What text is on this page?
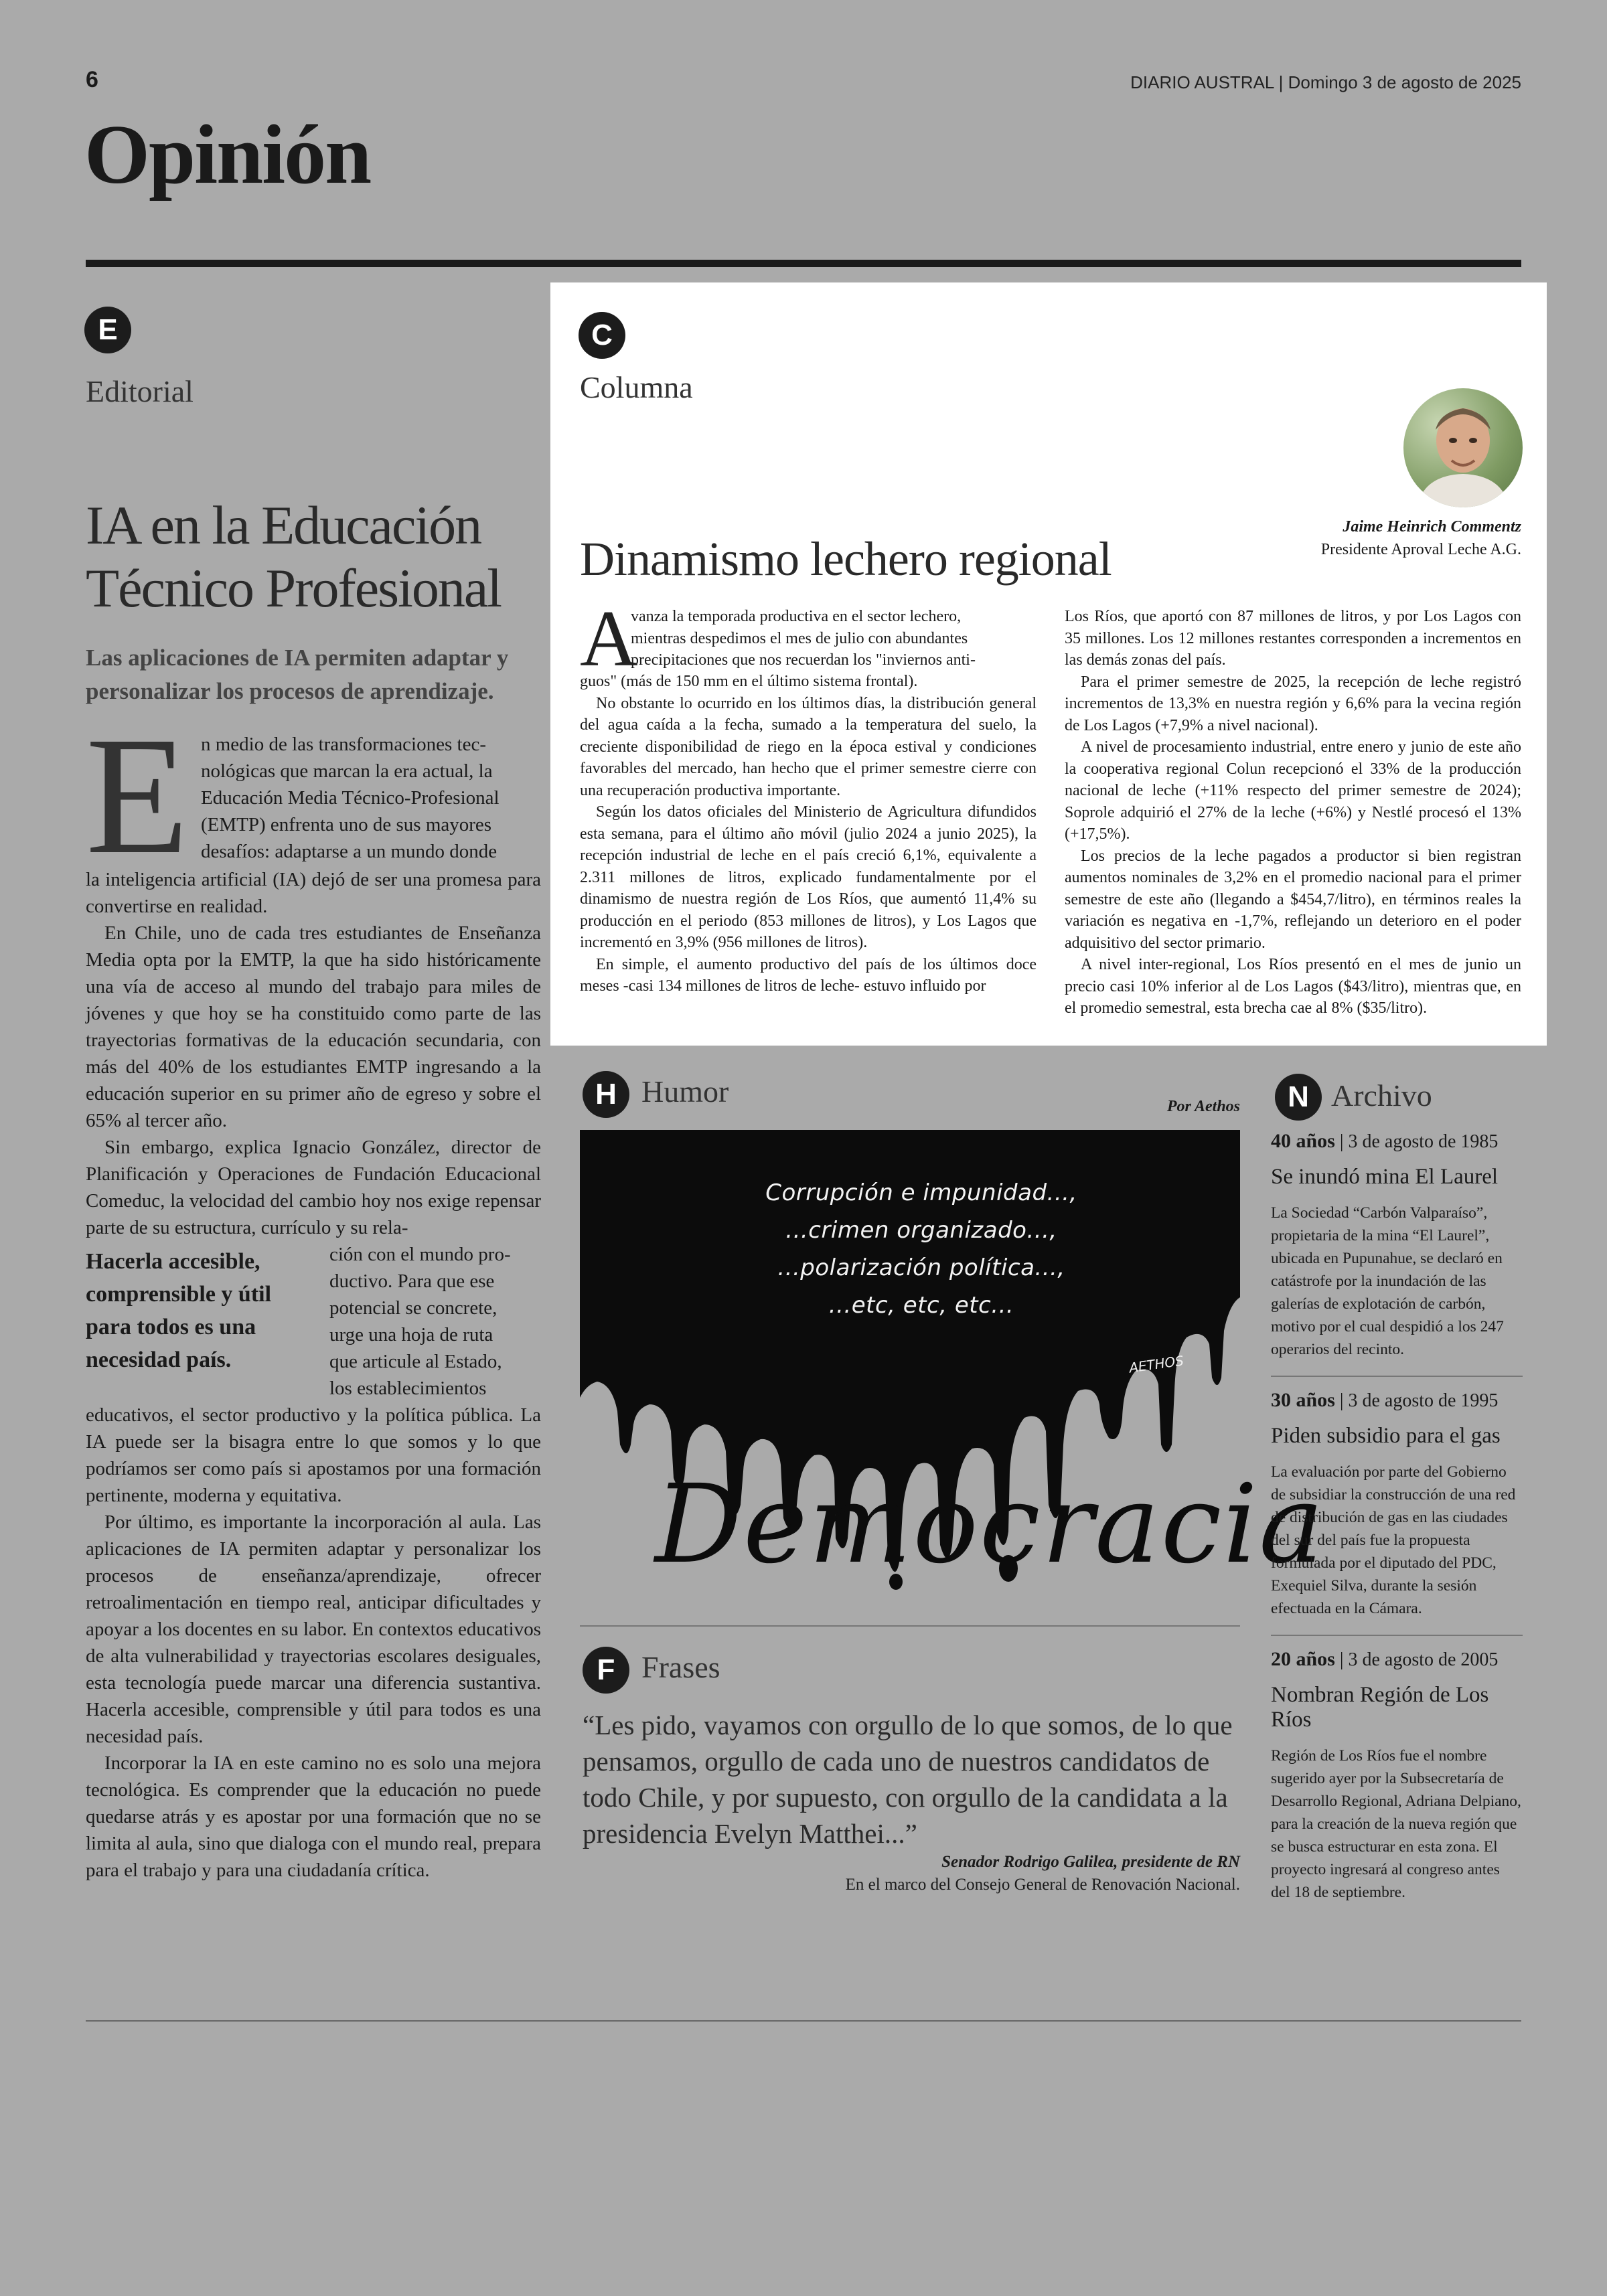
6	DIARIO AUSTRAL | Domingo 3 de agosto de 2025
Opinión
E
Editorial
IA en la Educación
Técnico Profesional
Las aplicaciones de IA permiten adaptar y personalizar los procesos de aprendizaje.
E n medio de las transformaciones tec-
nológicas que marcan la era actual, la
Educación Media Técnico-Profesional
(EMTP) enfrenta uno de sus mayores
desafíos: adaptarse a un mundo donde

la inteligencia artificial (IA) dejó de ser una promesa para convertirse en realidad.

En Chile, uno de cada tres estudiantes de Enseñanza Media opta por la EMTP, la que ha sido históricamente una vía de acceso al mundo del trabajo para miles de jóvenes y que hoy se ha constituido como parte de las trayectorias formativas de la educación secundaria, con más del 40% de los estudiantes EMTP ingresando a la educación superior en su primer año de egreso y sobre el 65% al tercer año.

Sin embargo, explica Ignacio González, director de Planificación y Operaciones de Fundación Educacional Comeduc, la velocidad del cambio hoy nos exige repensar parte de su estructura, currículo y su rela-

Hacerla accesible, comprensible y útil para todos es una necesidad país.
ción con el mundo pro-
ductivo. Para que ese
potencial se concrete,
urge una hoja de ruta
que articule al Estado,
los establecimientos

educativos, el sector productivo y la política pública. La IA puede ser la bisagra entre lo que somos y lo que podríamos ser como país si apostamos por una formación pertinente, moderna y equitativa.

Por último, es importante la incorporación al aula. Las aplicaciones de IA permiten adaptar y personalizar los procesos de enseñanza/aprendizaje, ofrecer retroalimentación en tiempo real, anticipar dificultades y apoyar a los docentes en su labor. En contextos educativos de alta vulnerabilidad y trayectorias escolares desiguales, esta tecnología puede marcar una diferencia sustantiva. Hacerla accesible, comprensible y útil para todos es una necesidad país.

Incorporar la IA en este camino no es solo una mejora tecnológica. Es comprender que la educación no puede quedarse atrás y es apostar por una formación que no se limita al aula, sino que dialoga con el mundo real, prepara para el trabajo y para una ciudadanía crítica.

C
Columna
Jaime Heinrich Commentz
Presidente Aproval Leche A.G.
Dinamismo lechero regional
A
vanza la temporada productiva en el sector lechero,
mientras despedimos el mes de julio con abundantes
precipitaciones que nos recuerdan los "inviernos anti-

guos" (más de 150 mm en el último sistema frontal).

No obstante lo ocurrido en los últimos días, la distribución general del agua caída a la fecha, sumado a la temperatura del suelo, la creciente disponibilidad de riego en la época estival y condiciones favorables del mercado, han hecho que el primer semestre cierre con una recuperación productiva importante.

Según los datos oficiales del Ministerio de Agricultura difundidos esta semana, para el último año móvil (julio 2024 a junio 2025), la recepción industrial de leche en el país creció 6,1%, equivalente a 2.311 millones de litros, explicado fundamentalmente por el dinamismo de nuestra región de Los Ríos, que aumentó 11,4% su producción en el periodo (853 millones de litros), y Los Lagos que incrementó en 3,9% (956 millones de litros).

En simple, el aumento productivo del país de los últimos doce meses -casi 134 millones de litros de leche- estuvo influido por

Los Ríos, que aportó con 87 millones de litros, y por Los Lagos con 35 millones. Los 12 millones restantes corresponden a incrementos en las demás zonas del país.

Para el primer semestre de 2025, la recepción de leche registró incrementos de 13,3% en nuestra región y 6,6% para la vecina región de Los Lagos (+7,9% a nivel nacional).

A nivel de procesamiento industrial, entre enero y junio de este año la cooperativa regional Colun recepcionó el 33% de la producción nacional de leche (+11% respecto del primer semestre de 2024); Soprole adquirió el 27% de la leche (+6%) y Nestlé procesó el 13% (+17,5%).

Los precios de la leche pagados a productor si bien registran aumentos nominales de 3,2% en el promedio nacional para el primer semestre de este año (llegando a $454,7/litro), en términos reales la variación es negativa en -1,7%, reflejando un deterioro en el poder adquisitivo del sector primario.

A nivel inter-regional, Los Ríos presentó en el mes de junio un precio casi 10% inferior al de Los Lagos ($43/litro), mientras que, en el promedio semestral, esta brecha cae al 8% ($35/litro).

H Humor	Por Aethos
Corrupción e impunidad...,
...crimen organizado...,
...polarización política...,
...etc, etc, etc...
AETHOS
Democracia
F Frases
“Les pido, vayamos con orgullo de lo que somos, de lo que pensamos, orgullo de cada uno de nuestros candidatos de todo Chile, y por supuesto, con orgullo de la candidata a la presidencia Evelyn Matthei...”
Senador Rodrigo Galilea, presidente de RN
En el marco del Consejo General de Renovación Nacional.
N Archivo
40 años | 3 de agosto de 1985
Se inundó mina El Laurel
La Sociedad “Carbón Valparaíso”, propietaria de la mina “El Laurel”, ubicada en Pupunahue, se declaró en catástrofe por la inundación de las galerías de explotación de carbón, motivo por el cual despidió a los 247 operarios del recinto.
30 años | 3 de agosto de 1995
Piden subsidio para el gas
La evaluación por parte del Gobierno de subsidiar la construcción de una red de distribución de gas en las ciudades del sur del país fue la propuesta formulada por el diputado del PDC, Exequiel Silva, durante la sesión efectuada en la Cámara.
20 años | 3 de agosto de 2005
Nombran Región de Los Ríos
Región de Los Ríos fue el nombre sugerido ayer por la Subsecretaría de Desarrollo Regional, Adriana Delpiano, para la creación de la nueva región que se busca estructurar en esta zona. El proyecto ingresará al congreso antes del 18 de septiembre.
